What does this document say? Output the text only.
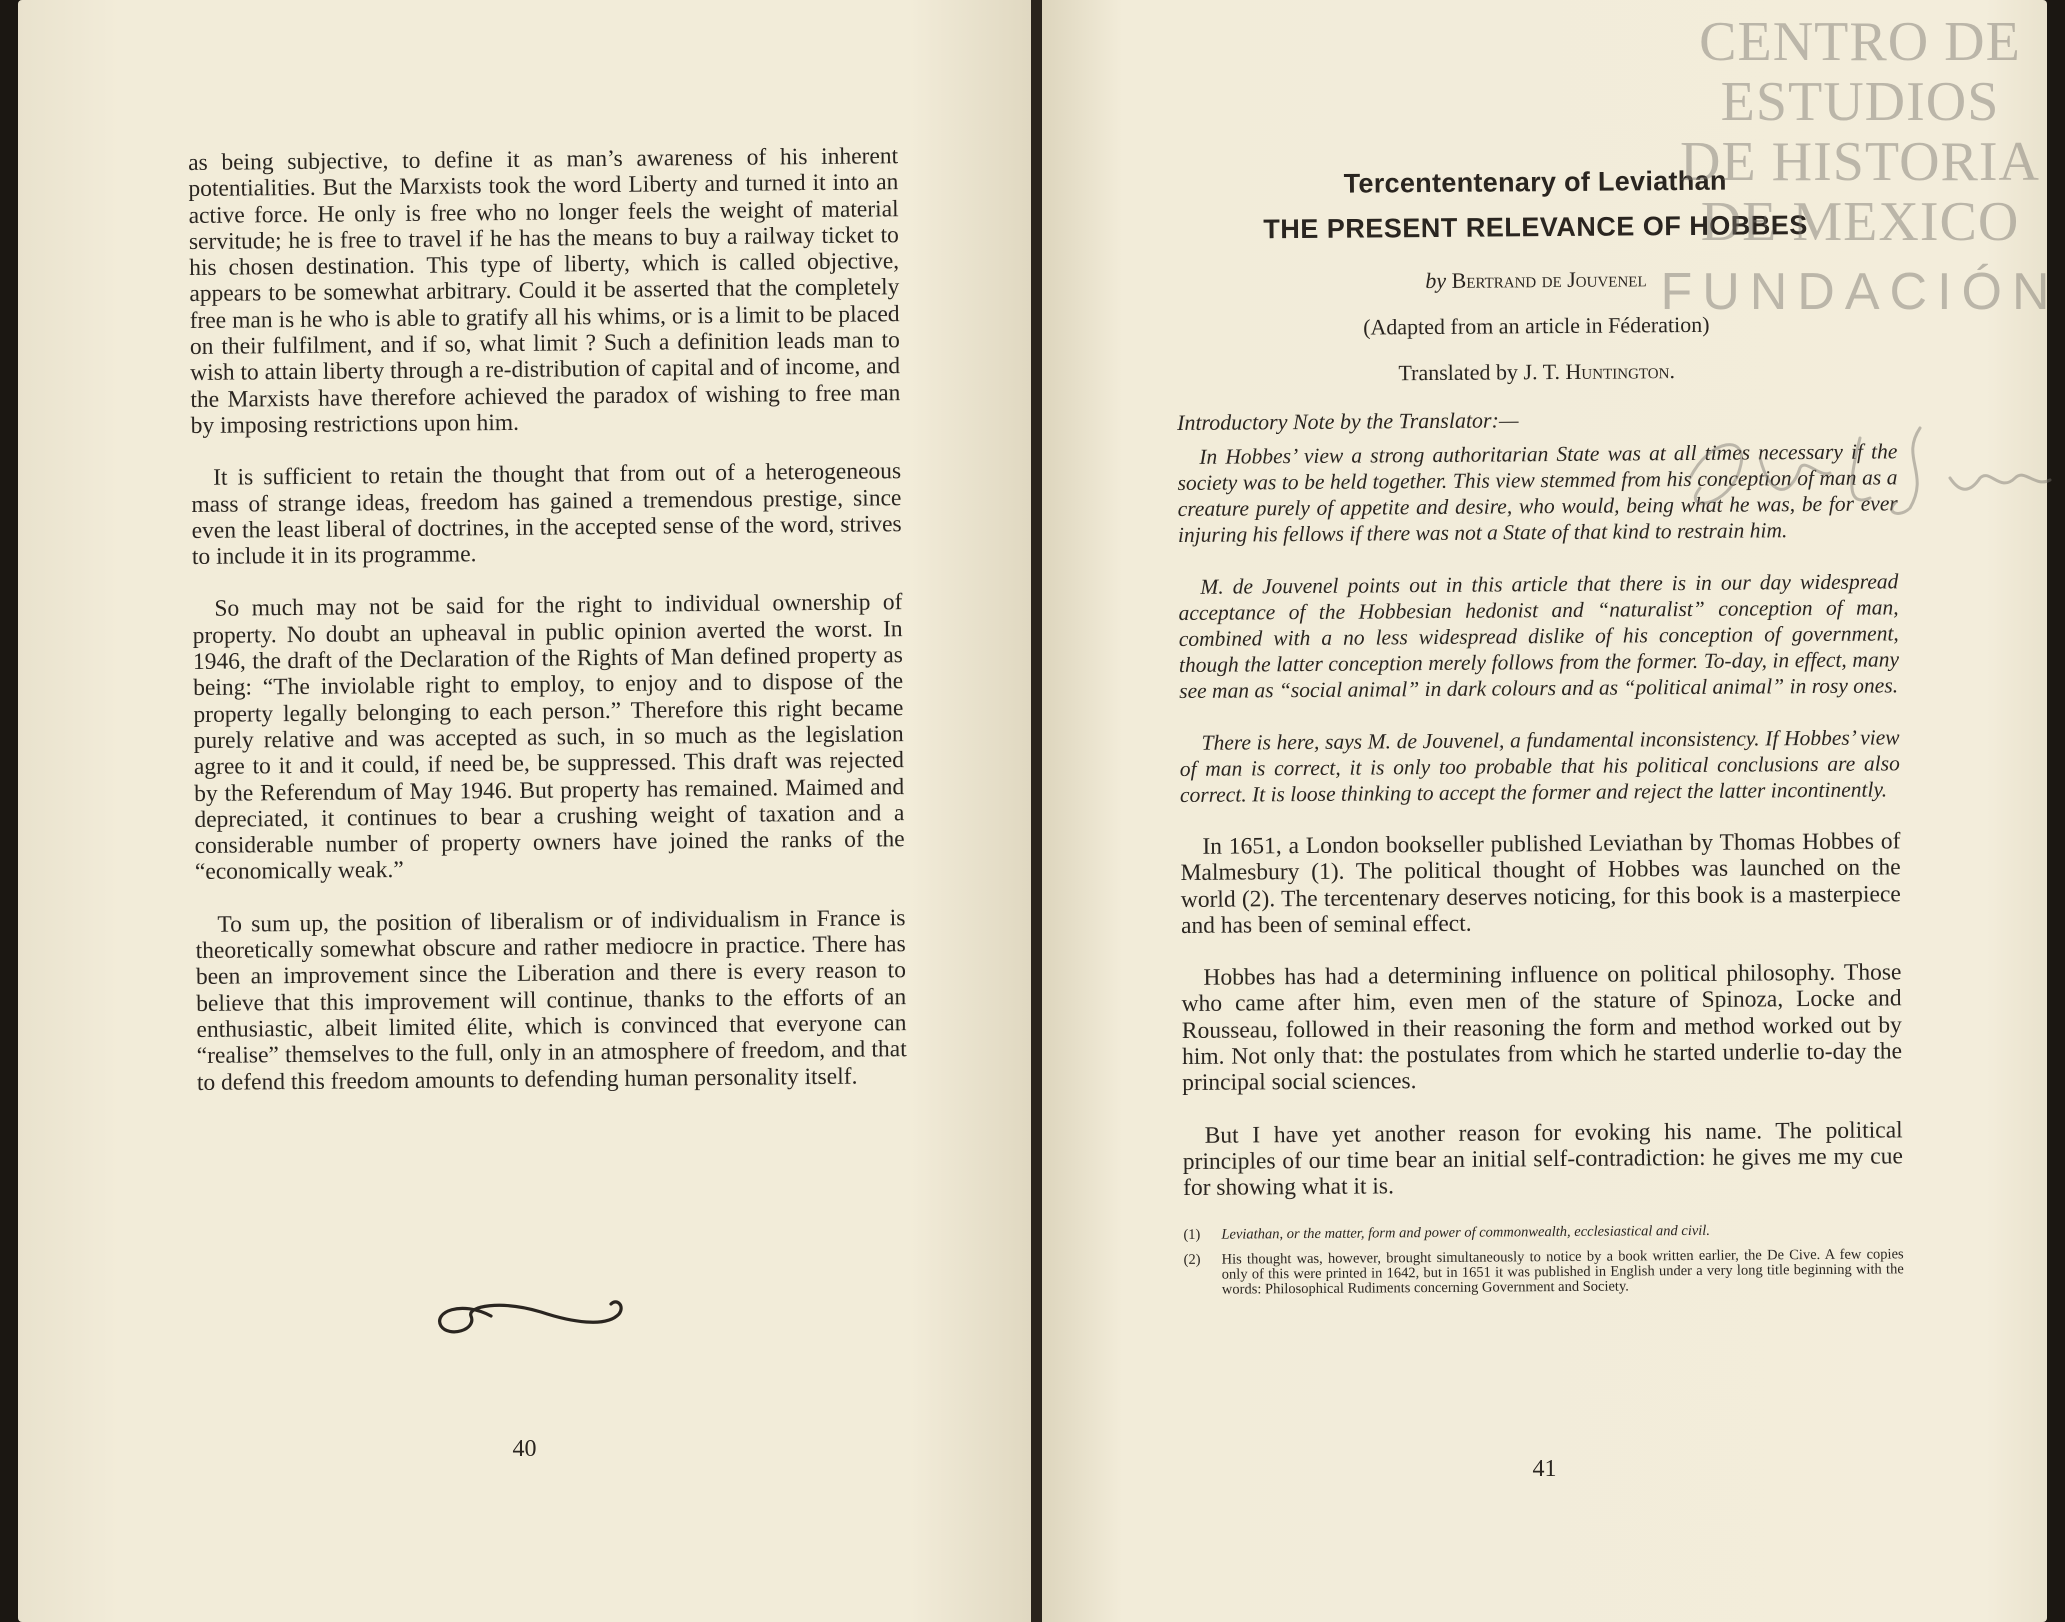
as being subjective, to define it as man’s awareness of his inherent potentialities. But the Marxists took the word Liberty and turned it into an active force. He only is free who no longer feels the weight of material servitude; he is free to travel if he has the means to buy a railway ticket to his chosen destination. This type of liberty, which is called objective, appears to be somewhat arbitrary. Could it be asserted that the completely free man is he who is able to gratify all his whims, or is a limit to be placed on their fulfilment, and if so, what limit ? Such a definition leads man to wish to attain liberty through a re-distribution of capital and of income, and the Marxists have therefore achieved the paradox of wishing to free man by imposing restrictions upon him.

It is sufficient to retain the thought that from out of a heterogeneous mass of strange ideas, freedom has gained a tremendous prestige, since even the least liberal of doctrines, in the accepted sense of the word, strives to include it in its programme.

So much may not be said for the right to individual ownership of property. No doubt an upheaval in public opinion averted the worst. In 1946, the draft of the Declaration of the Rights of Man defined property as being: “The inviolable right to employ, to enjoy and to dispose of the property legally belonging to each person.” Therefore this right became purely relative and was accepted as such, in so much as the legislation agree to it and it could, if need be, be suppressed. This draft was rejected by the Referendum of May 1946. But property has remained. Maimed and depreciated, it continues to bear a crushing weight of taxation and a considerable number of property owners have joined the ranks of the “economically weak.”

To sum up, the position of liberalism or of individualism in France is theoretically somewhat obscure and rather mediocre in practice. There has been an improvement since the Liberation and there is every reason to believe that this improvement will continue, thanks to the efforts of an enthusiastic, albeit limited élite, which is convinced that everyone can “realise” themselves to the full, only in an atmosphere of freedom, and that to defend this freedom amounts to defending human personality itself.

40
Tercententenary of Leviathan
THE PRESENT RELEVANCE OF HOBBES
by Bertrand de Jouvenel
(Adapted from an article in Féderation)
Translated by J. T. Huntington.
Introductory Note by the Translator:—

In Hobbes’ view a strong authoritarian State was at all times necessary if the society was to be held together. This view stemmed from his conception of man as a creature purely of appetite and desire, who would, being what he was, be for ever injuring his fellows if there was not a State of that kind to restrain him.

M. de Jouvenel points out in this article that there is in our day widespread acceptance of the Hobbesian hedonist and “naturalist” conception of man, combined with a no less widespread dislike of his conception of government, though the latter conception merely follows from the former. To-day, in effect, many see man as “social animal” in dark colours and as “political animal” in rosy ones.

There is here, says M. de Jouvenel, a fundamental inconsistency. If Hobbes’ view of man is correct, it is only too probable that his political conclusions are also correct. It is loose thinking to accept the former and reject the latter incontinently.

In 1651, a London bookseller published Leviathan by Thomas Hobbes of Malmesbury (1). The political thought of Hobbes was launched on the world (2). The tercentenary deserves noticing, for this book is a masterpiece and has been of seminal effect.

Hobbes has had a determining influence on political philosophy. Those who came after him, even men of the stature of Spinoza, Locke and Rousseau, followed in their reasoning the form and method worked out by him. Not only that: the postulates from which he started underlie to-day the principal social sciences.

But I have yet another reason for evoking his name. The political principles of our time bear an initial self-contradiction: he gives me my cue for showing what it is.

(1)	Leviathan, or the matter, form and power of commonwealth, ecclesiastical and civil.
(2)	His thought was, however, brought simultaneously to notice by a book written earlier, the De Cive. A few copies only of this were printed in 1642, but in 1651 it was published in English under a very long title beginning with the words: Philosophical Rudiments concerning Government and Society.
41
CENTRO DE
ESTUDIOS
DE HISTORIA
DE MEXICO
FUNDACIÓN
